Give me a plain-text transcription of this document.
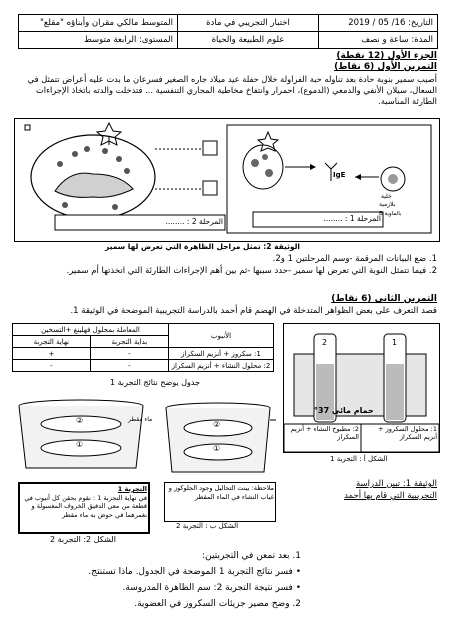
المتوسط مالكي مقران وأبناؤه "مقلع"	اختبار التجريبي في مادة	التاريخ: 16/ 05 / 2019
المستوى: الرابعة متوسط	علوم الطبيعة والحياة	المدة: ساعة و نصف
الجزء الأول (12 نقطة)
التمرين الأول (6 نقاط)
أصيب سمير بنوبة حادة بعد تناوله حبة الفراولة خلال حفلة عيد ميلاد جاره الصغير فسرعان ما بدت عليه أعراض تتمثل في السعال، سيلان الأنفي والدمعي (الدموع)، احمرار وانتفاخ مخاطية المجاري التنفسية ... فتدخلت والدته باتخاذ الإجراءات الطارئة المناسبة.
المرحلة 2 : ........	المرحلة 1 : ........
IgE
خلية
بلازمية
بالماوية B
الوثيقة 2: تمثل مراحل الظاهرة التي تعرض لها سمير
1. ضع البيانات المرقمة -وسم المرحلتين 1 و2.
2. فيما تتمثل النوبة التي تعرض لها سمير -حدد سببها -ثم بين أهم الإجراءات الطارئة التي اتخذتها أم سمير.
التمرين الثاني (6 نقاط)
قصد التعرف على بعض الظواهر المتدخلة في الهضم قام أحمد بالدراسة التجريبية الموضحة في الوثيقة 1.
المعاملة بمحلول فهلينغ +التسخين		الأنبوب
نهاية التجربة	بداية التجربة	
+	-	1: سكروز + أنزيم السكراز
-	-	2: محلول النشاء + أنزيم السكراز
جدول يوضح نتائج التجربة 1
2	1
حمام مائي 37°
2: مطبوخ النشاء + أنزيم السكراز
1: محلول السكروز + أنزيم السكراز
الشكل أ : التجربة 1
②
①
التجربة 1
في نهاية التجربة 1 : نقوم بحقن كل أنبوب في قطعة من معي الدقيق الخروف المغسولة و نغمرهما في حوض به ماء مقطر
الشكل 2: التجربة 2
②
①
ملاحظة: بينت التحاليل وجود الجلوكوز و غياب النشاء في الماء المقطر
ماء مقطر
الشكل ب : التجربة 2
الوثيقة 1: تبين الدراسة
التجريبية التي قام بها أحمد
1. بعد تمعن في التجربتين:
• فسر نتائج التجربة 1 الموضحة في الجدول. ماذا تستنتج.
• فسر نتيجة التجربة 2: سم الظاهرة المدروسة.
2. وضح مصير جزيئات السكروز في العضوية.
